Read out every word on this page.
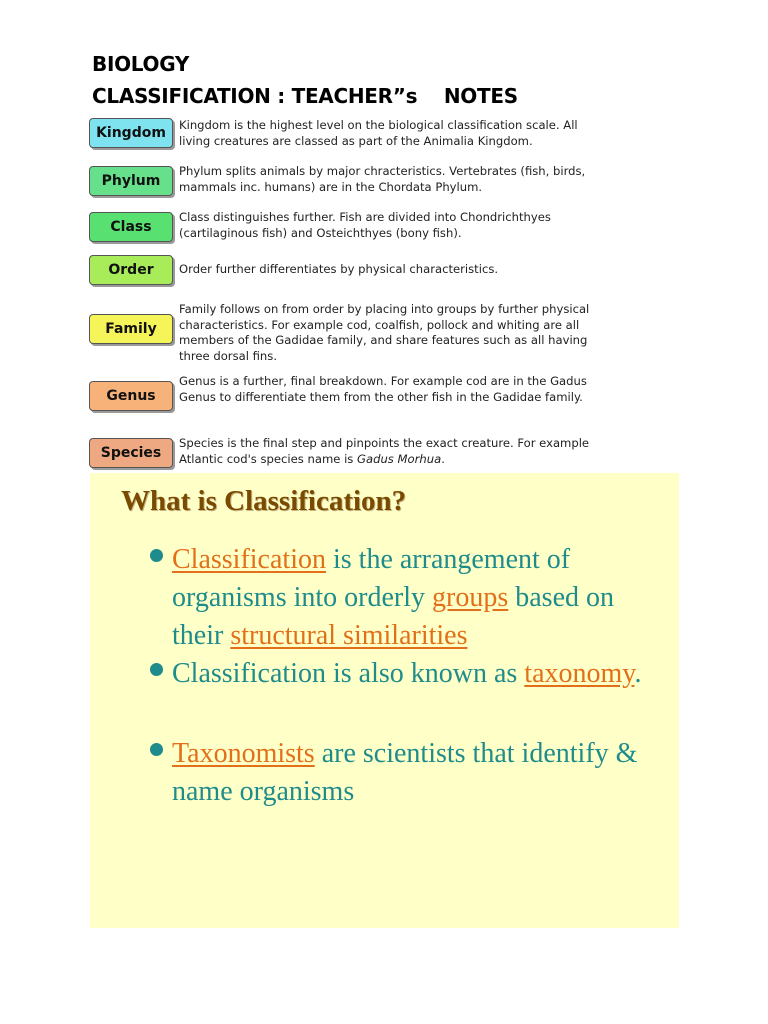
BIOLOGY
CLASSIFICATION : TEACHER”s    NOTES
Kingdom	Kingdom is the highest level on the biological classification scale. All living creatures are classed as part of the Animalia Kingdom.
Phylum
Phylum splits animals by major chracteristics. Vertebrates (fish, birds, mammals inc. humans) are in the Chordata Phylum.
Class
Class distinguishes further. Fish are divided into Chondrichthyes (cartilaginous fish) and Osteichthyes (bony fish).
Order	Order further differentiates by physical characteristics.
Family
Family follows on from order by placing into groups by further physical characteristics. For example cod, coalfish, pollock and whiting are all members of the Gadidae family, and share features such as all having three dorsal fins.
Genus
Genus is a further, final breakdown. For example cod are in the Gadus Genus to differentiate them from the other fish in the Gadidae family.
Species
Species is the final step and pinpoints the exact creature. For example Atlantic cod's species name is Gadus Morhua.
What is Classification?
Classification is the arrangement of organisms into orderly groups based on their structural similarities
Classification is also known as taxonomy.
Taxonomists are scientists that identify & name organisms
